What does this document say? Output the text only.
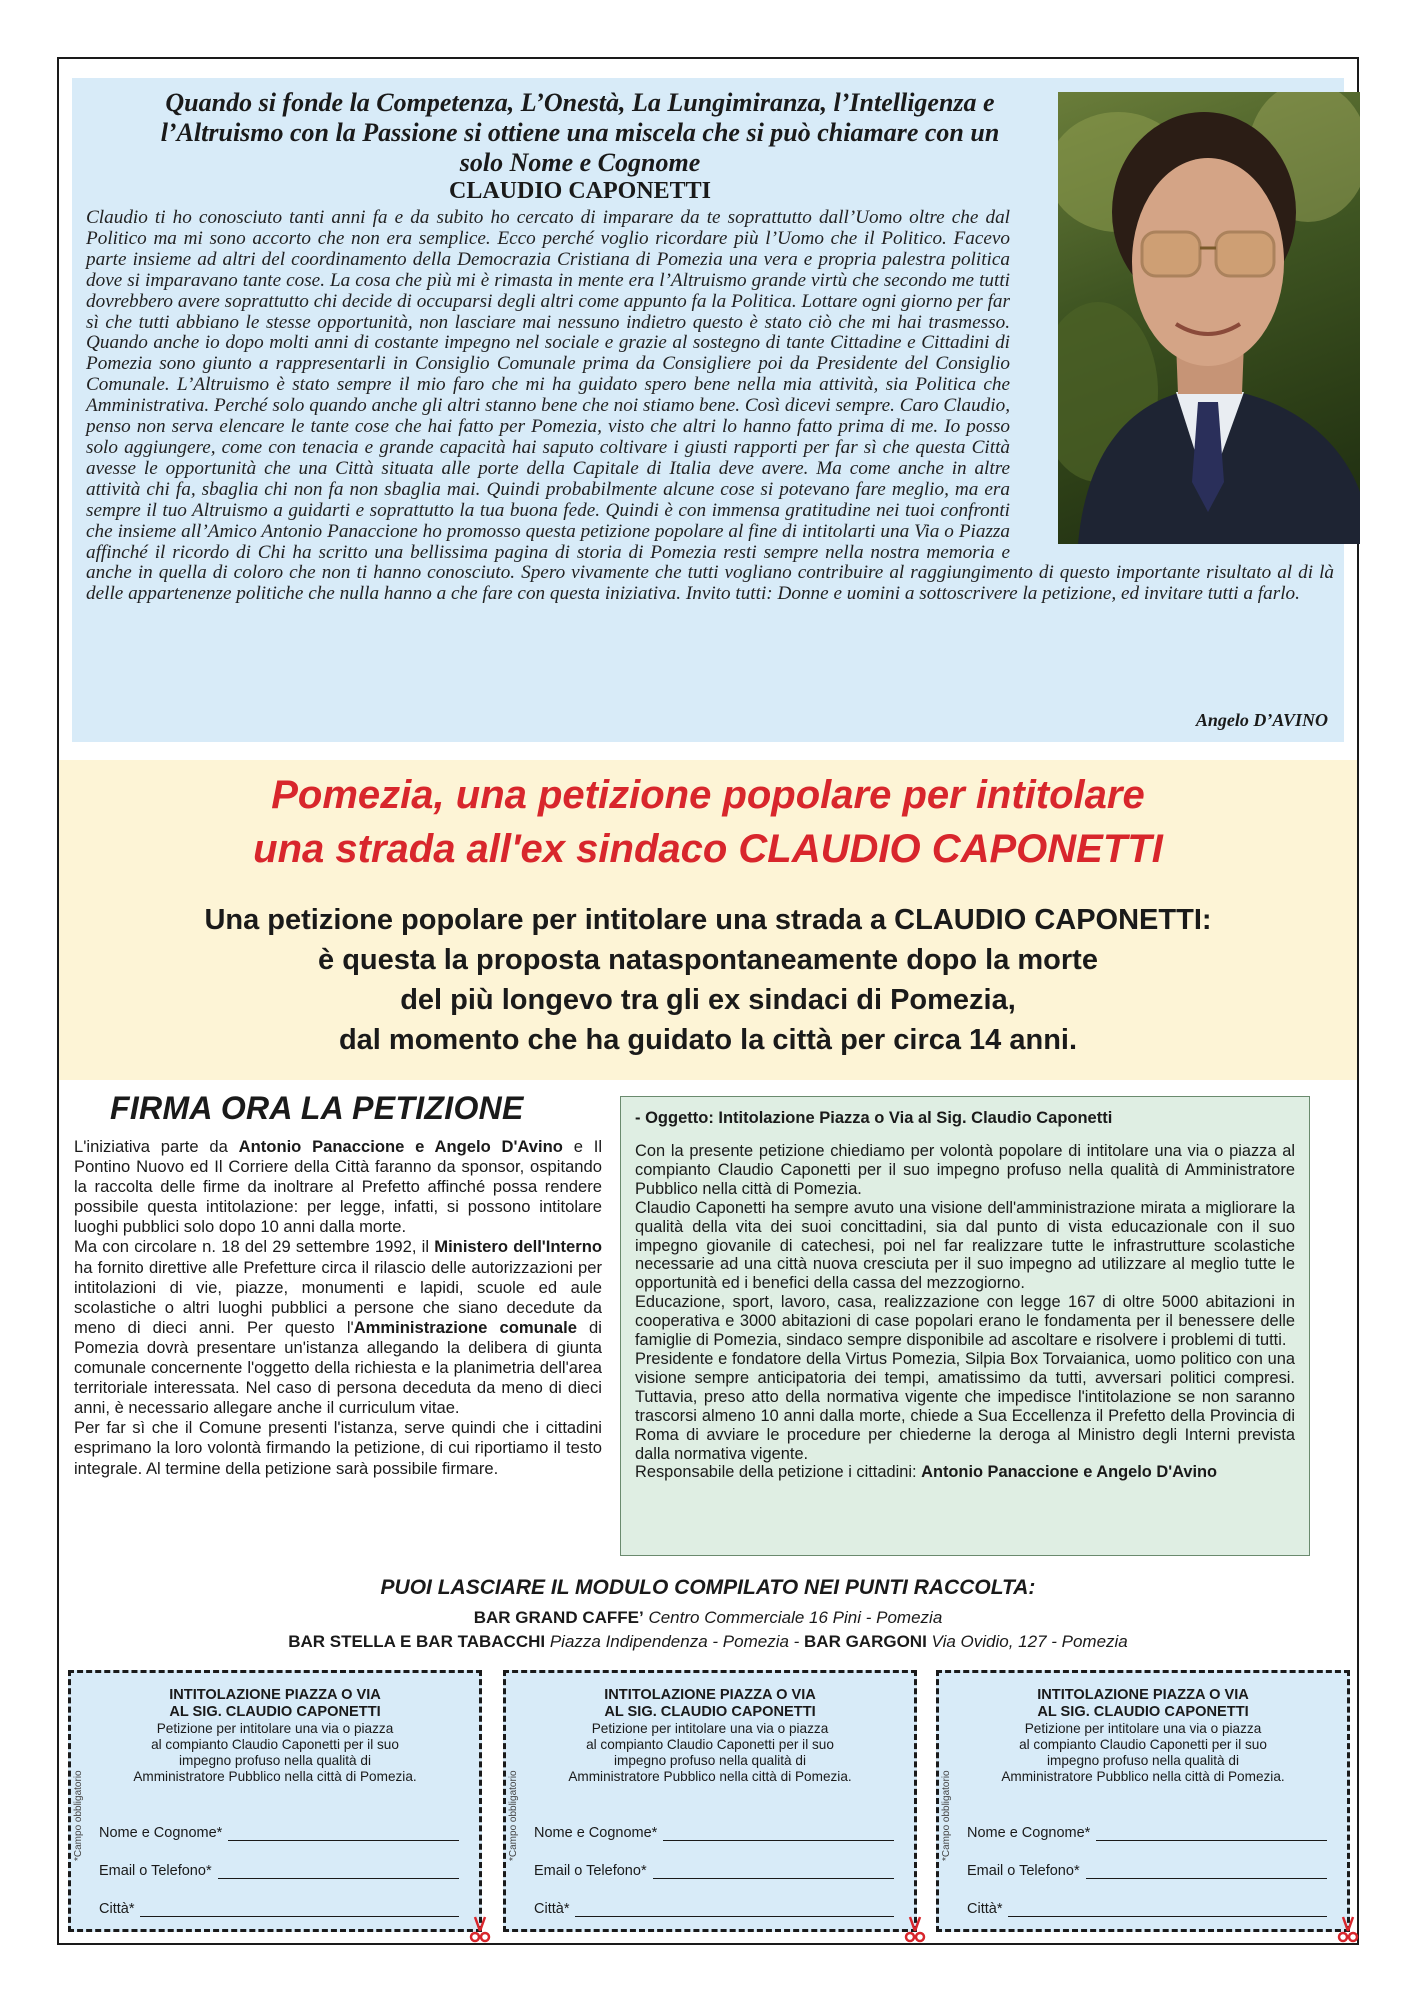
Quando si fonde la Competenza, L’Onestà, La Lungimiranza, l’Intelligenza e l’Altruismo con la Passione si ottiene una miscela che si può chiamare con un solo Nome e Cognome
CLAUDIO CAPONETTI

Claudio ti ho conosciuto tanti anni fa e da subito ho cercato di imparare da te soprattutto dall’Uomo oltre che dal Politico ma mi sono accorto che non era semplice. Ecco perché voglio ricordare più l’Uomo che il Politico. Facevo parte insieme ad altri del coordinamento della Democrazia Cristiana di Pomezia una vera e propria palestra politica dove si imparavano tante cose. La cosa che più mi è rimasta in mente era l’Altruismo grande virtù che secondo me tutti dovrebbero avere soprattutto chi decide di occuparsi degli altri come appunto fa la Politica. Lottare ogni giorno per far sì che tutti abbiano le stesse opportunità, non lasciare mai nessuno indietro questo è stato ciò che mi hai trasmesso. Quando anche io dopo molti anni di costante impegno nel sociale e grazie al sostegno di tante Cittadine e Cittadini di Pomezia sono giunto a rappresentarli in Consiglio Comunale prima da Consigliere poi da Presidente del Consiglio Comunale. L’Altruismo è stato sempre il mio faro che mi ha guidato spero bene nella mia attività, sia Politica che Amministrativa. Perché solo quando anche gli altri stanno bene che noi stiamo bene. Così dicevi sempre. Caro Claudio, penso non serva elencare le tante cose che hai fatto per Pomezia, visto che altri lo hanno fatto prima di me. Io posso solo aggiungere, come con tenacia e grande capacità hai saputo coltivare i giusti rapporti per far sì che questa Città avesse le opportunità che una Città situata alle porte della Capitale di Italia deve avere. Ma come anche in altre attività chi fa, sbaglia chi non fa non sbaglia mai. Quindi probabilmente alcune cose si potevano fare meglio, ma era sempre il tuo Altruismo a guidarti e soprattutto la tua buona fede. Quindi è con immensa gratitudine nei tuoi confronti che insieme all’Amico Antonio Panaccione ho promosso questa petizione popolare al fine di intitolarti una Via o Piazza affinché il ricordo di Chi ha scritto una bellissima pagina di storia di Pomezia resti sempre nella nostra memoria e anche in quella di coloro che non ti hanno conosciuto. Spero vivamente che tutti vogliano contribuire al raggiungimento di questo importante risultato al di là delle appartenenze politiche che nulla hanno a che fare con questa iniziativa. Invito tutti: Donne e uomini a sottoscrivere la petizione, ed invitare tutti a farlo.

Angelo D’AVINO
Pomezia, una petizione popolare per intitolare
una strada all'ex sindaco CLAUDIO CAPONETTI
Una petizione popolare per intitolare una strada a CLAUDIO CAPONETTI:
è questa la proposta nataspontaneamente dopo la morte
del più longevo tra gli ex sindaci di Pomezia,
dal momento che ha guidato la città per circa 14 anni.
FIRMA ORA LA PETIZIONE

L'iniziativa parte da Antonio Panaccione e Angelo D'Avino e Il Pontino Nuovo ed Il Corriere della Città faranno da sponsor, ospitando la raccolta delle firme da inoltrare al Prefetto affinché possa rendere possibile questa intitolazione: per legge, infatti, si possono intitolare luoghi pubblici solo dopo 10 anni dalla morte.
Ma con circolare n. 18 del 29 settembre 1992, il Ministero dell'Interno ha fornito direttive alle Prefetture circa il rilascio delle autorizzazioni per intitolazioni di vie, piazze, monumenti e lapidi, scuole ed aule scolastiche o altri luoghi pubblici a persone che siano decedute da meno di dieci anni. Per questo l'Amministrazione comunale di Pomezia dovrà presentare un'istanza allegando la delibera di giunta comunale concernente l'oggetto della richiesta e la planimetria dell'area territoriale interessata. Nel caso di persona deceduta da meno di dieci anni, è necessario allegare anche il curriculum vitae.
Per far sì che il Comune presenti l'istanza, serve quindi che i cittadini esprimano la loro volontà firmando la petizione, di cui riportiamo il testo integrale. Al termine della petizione sarà possibile firmare.

- Oggetto: Intitolazione Piazza o Via al Sig. Claudio Caponetti

Con la presente petizione chiediamo per volontà popolare di intitolare una via o piazza al compianto Claudio Caponetti per il suo impegno profuso nella qualità di Amministratore Pubblico nella città di Pomezia.
Claudio Caponetti ha sempre avuto una visione dell'amministrazione mirata a migliorare la qualità della vita dei suoi concittadini, sia dal punto di vista educazionale con il suo impegno giovanile di catechesi, poi nel far realizzare tutte le infrastrutture scolastiche necessarie ad una città nuova cresciuta per il suo impegno ad utilizzare al meglio tutte le opportunità ed i benefici della cassa del mezzogiorno.
Educazione, sport, lavoro, casa, realizzazione con legge 167 di oltre 5000 abitazioni in cooperativa e 3000 abitazioni di case popolari erano le fondamenta per il benessere delle famiglie di Pomezia, sindaco sempre disponibile ad ascoltare e risolvere i problemi di tutti.
Presidente e fondatore della Virtus Pomezia, Silpia Box Torvaianica, uomo politico con una visione sempre anticipatoria dei tempi, amatissimo da tutti, avversari politici compresi. Tuttavia, preso atto della normativa vigente che impedisce l'intitolazione se non saranno trascorsi almeno 10 anni dalla morte, chiede a Sua Eccellenza il Prefetto della Provincia di Roma di avviare le procedure per chiederne la deroga al Ministro degli Interni prevista dalla normativa vigente.
Responsabile della petizione i cittadini: Antonio Panaccione e Angelo D'Avino

PUOI LASCIARE IL MODULO COMPILATO NEI PUNTI RACCOLTA:
BAR GRAND CAFFE’ Centro Commerciale 16 Pini - Pomezia
BAR STELLA E BAR TABACCHI Piazza Indipendenza - Pomezia - BAR GARGONI Via Ovidio, 127 - Pomezia
INTITOLAZIONE PIAZZA O VIA
AL SIG. CLAUDIO CAPONETTI
Petizione per intitolare una via o piazza
al compianto Claudio Caponetti per il suo
impegno profuso nella qualità di
Amministratore Pubblico nella città di Pomezia.
*Campo obbligatorio Nome e Cognome*
Email o Telefono*
Città*
INTITOLAZIONE PIAZZA O VIA
AL SIG. CLAUDIO CAPONETTI
Petizione per intitolare una via o piazza
al compianto Claudio Caponetti per il suo
impegno profuso nella qualità di
Amministratore Pubblico nella città di Pomezia.
*Campo obbligatorio Nome e Cognome*
Email o Telefono*
Città*
INTITOLAZIONE PIAZZA O VIA
AL SIG. CLAUDIO CAPONETTI
Petizione per intitolare una via o piazza
al compianto Claudio Caponetti per il suo
impegno profuso nella qualità di
Amministratore Pubblico nella città di Pomezia.
*Campo obbligatorio Nome e Cognome*
Email o Telefono*
Città*
